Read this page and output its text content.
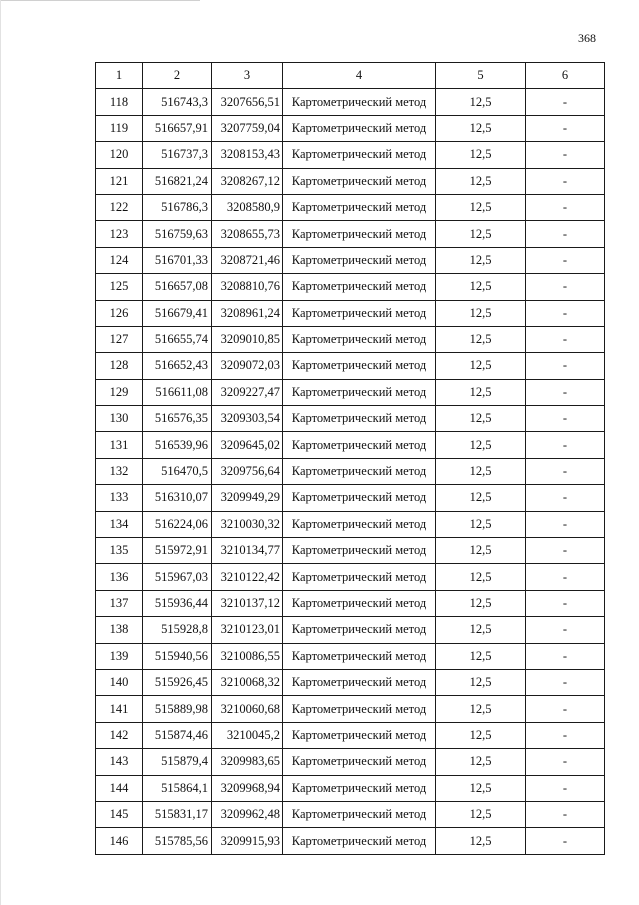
368
1	2	3	4	5	6
118	516743,3	3207656,51	Картометрический метод	12,5	-
119	516657,91	3207759,04	Картометрический метод	12,5	-
120	516737,3	3208153,43	Картометрический метод	12,5	-
121	516821,24	3208267,12	Картометрический метод	12,5	-
122	516786,3	3208580,9	Картометрический метод	12,5	-
123	516759,63	3208655,73	Картометрический метод	12,5	-
124	516701,33	3208721,46	Картометрический метод	12,5	-
125	516657,08	3208810,76	Картометрический метод	12,5	-
126	516679,41	3208961,24	Картометрический метод	12,5	-
127	516655,74	3209010,85	Картометрический метод	12,5	-
128	516652,43	3209072,03	Картометрический метод	12,5	-
129	516611,08	3209227,47	Картометрический метод	12,5	-
130	516576,35	3209303,54	Картометрический метод	12,5	-
131	516539,96	3209645,02	Картометрический метод	12,5	-
132	516470,5	3209756,64	Картометрический метод	12,5	-
133	516310,07	3209949,29	Картометрический метод	12,5	-
134	516224,06	3210030,32	Картометрический метод	12,5	-
135	515972,91	3210134,77	Картометрический метод	12,5	-
136	515967,03	3210122,42	Картометрический метод	12,5	-
137	515936,44	3210137,12	Картометрический метод	12,5	-
138	515928,8	3210123,01	Картометрический метод	12,5	-
139	515940,56	3210086,55	Картометрический метод	12,5	-
140	515926,45	3210068,32	Картометрический метод	12,5	-
141	515889,98	3210060,68	Картометрический метод	12,5	-
142	515874,46	3210045,2	Картометрический метод	12,5	-
143	515879,4	3209983,65	Картометрический метод	12,5	-
144	515864,1	3209968,94	Картометрический метод	12,5	-
145	515831,17	3209962,48	Картометрический метод	12,5	-
146	515785,56	3209915,93	Картометрический метод	12,5	-
